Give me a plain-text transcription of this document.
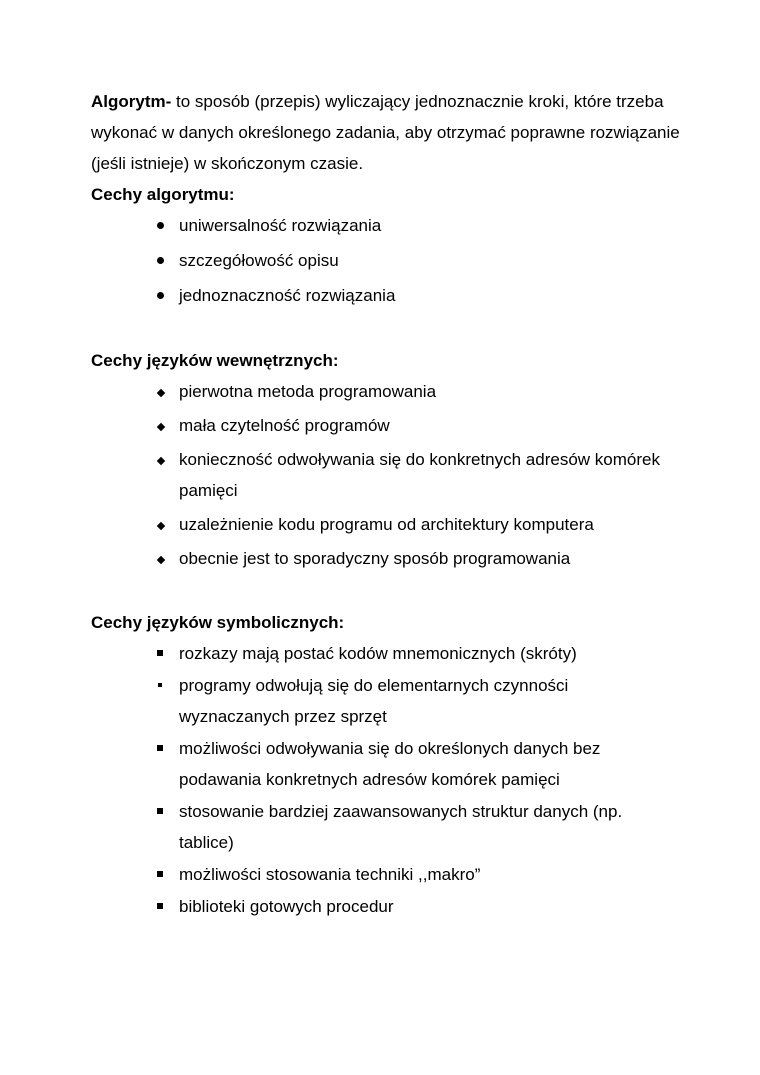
Algorytm- to sposób (przepis) wyliczający jednoznacznie kroki, które trzeba wykonać w danych określonego zadania, aby otrzymać poprawne rozwiązanie (jeśli istnieje) w skończonym czasie.

Cechy algorytmu:

uniwersalność rozwiązania
szczegółowość opisu
jednoznaczność rozwiązania

Cechy języków wewnętrznych:

pierwotna metoda programowania
mała czytelność programów
konieczność odwoływania się do konkretnych adresów komórek pamięci
uzależnienie kodu programu od architektury komputera
obecnie jest to sporadyczny sposób programowania

Cechy języków symbolicznych:

rozkazy mają postać kodów mnemonicznych (skróty)
programy odwołują się do elementarnych czynności wyznaczanych przez sprzęt
możliwości odwoływania się do określonych danych bez podawania konkretnych adresów komórek pamięci
stosowanie bardziej zaawansowanych struktur danych (np. tablice)
możliwości stosowania techniki ,,makro”
biblioteki gotowych procedur
